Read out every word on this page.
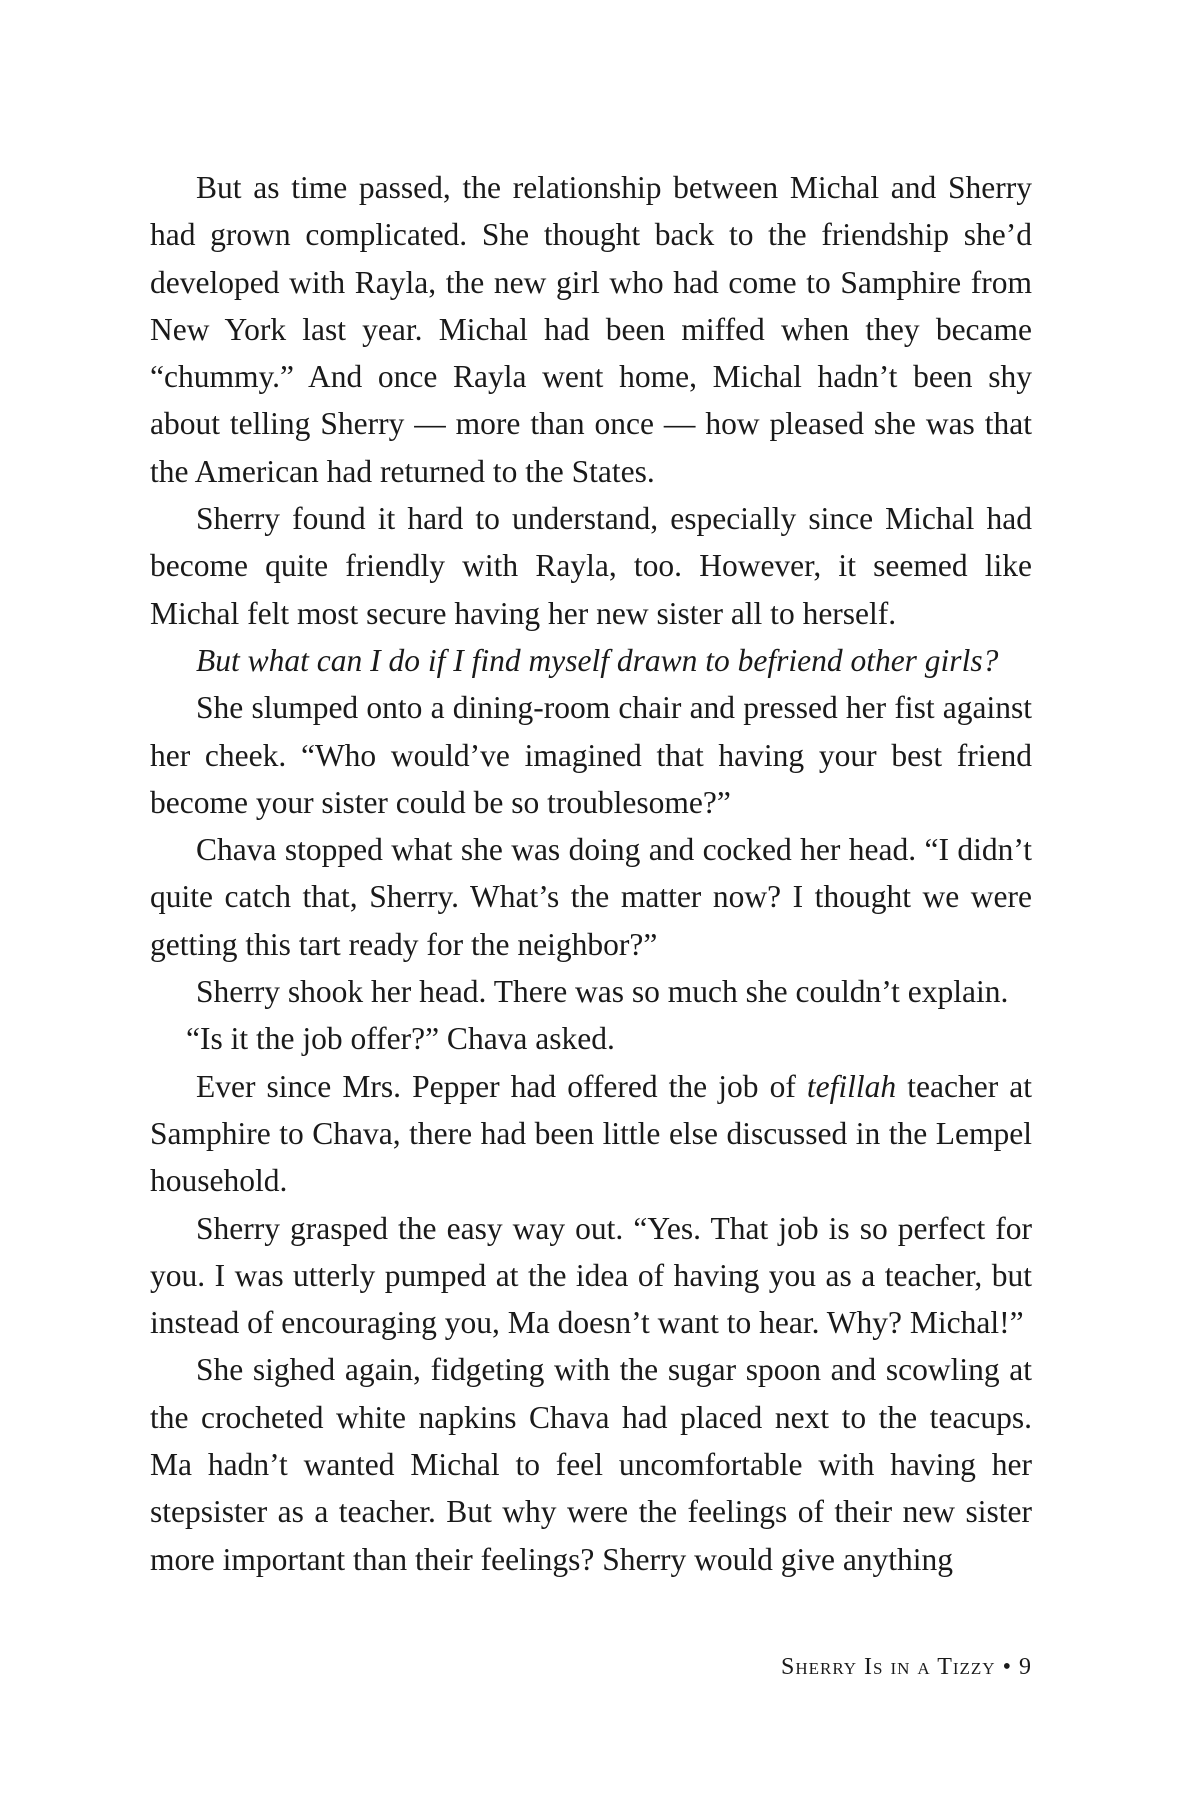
But as time passed, the relationship between Michal and Sherry had grown complicated. She thought back to the friendship she’d developed with Rayla, the new girl who had come to Samphire from New York last year. Michal had been miffed when they became “chummy.” And once Rayla went home, Michal hadn’t been shy about telling Sherry — more than once — how pleased she was that the American had returned to the States.

Sherry found it hard to understand, especially since Michal had become quite friendly with Rayla, too. However, it seemed like Michal felt most secure having her new sister all to herself.

But what can I do if I find myself drawn to befriend other girls?

She slumped onto a dining-room chair and pressed her fist against her cheek. “Who would’ve imagined that having your best friend become your sister could be so troublesome?”

Chava stopped what she was doing and cocked her head. “I didn’t quite catch that, Sherry. What’s the matter now? I thought we were getting this tart ready for the neighbor?”

Sherry shook her head. There was so much she couldn’t explain.

“Is it the job offer?” Chava asked.

Ever since Mrs. Pepper had offered the job of tefillah teacher at Samphire to Chava, there had been little else discussed in the Lempel household.

Sherry grasped the easy way out. “Yes. That job is so perfect for you. I was utterly pumped at the idea of having you as a teacher, but instead of encouraging you, Ma doesn’t want to hear. Why? Michal!”

She sighed again, fidgeting with the sugar spoon and scowling at the crocheted white napkins Chava had placed next to the teacups. Ma hadn’t wanted Michal to feel uncomfortable with having her stepsister as a teacher. But why were the feelings of their new sister more important than their feelings? Sherry would give anything

Sherry Is in a Tizzy • 9
